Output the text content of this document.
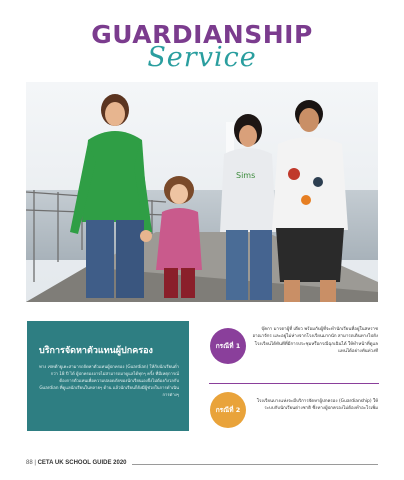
GUARDIANSHIP
Service
Sims
บริการจัดหาตัวแทนผู้ปกครอง
ทาง เซทต้ายูเคะสามารถจัดหาตัวแทนผู้ปกครอง (Guardian) ให้กับนักเรียนต่ำกว่า 18 ปี ได้ ผู้ปกครองอาจไม่สามารถมาดูแลได้ทุกๆ ครั้ง ที่มีเหตุการณ์ต้องการตัวแทนเพื่อความปลอดภัยของนักเรียนเองจึงไม่ต้องกังวลกับ Guardian ที่ดูแลนักเรียนในหลายๆ ด้าน แล้วนักเรียนก็ยังมีผู้ช่วยในการดำเนินการต่างๆ
กรณีที่ 1
บุ๊คกา มารดาผู้ที่ เดียว พร้อมกับผู้ที่จะทำนักเรียนที่อยู่ในสหราชอาณาจักร และอยู่ไม่ห่างจากโรงเรียนมากนัก สามารถเดินทางไปยังโรงเรียนได้ทันทีที่มีการประชุมหรือกรณีฉุกเฉินได้ ให้ทำหน้าที่ดูแลแทนได้อย่างทันท่วงที
กรณีที่ 2
โรงเรียนบางแห่งจะมีบริการจัดหาผู้ปกครอง (Guardianship) ให้ระบบกับนักเรียนต่างชาติ ซึ่งทางผู้ปกครองไม่ต้องทำอะไรเพิ่ม
88 | CETA UK SCHOOL GUIDE 2020
